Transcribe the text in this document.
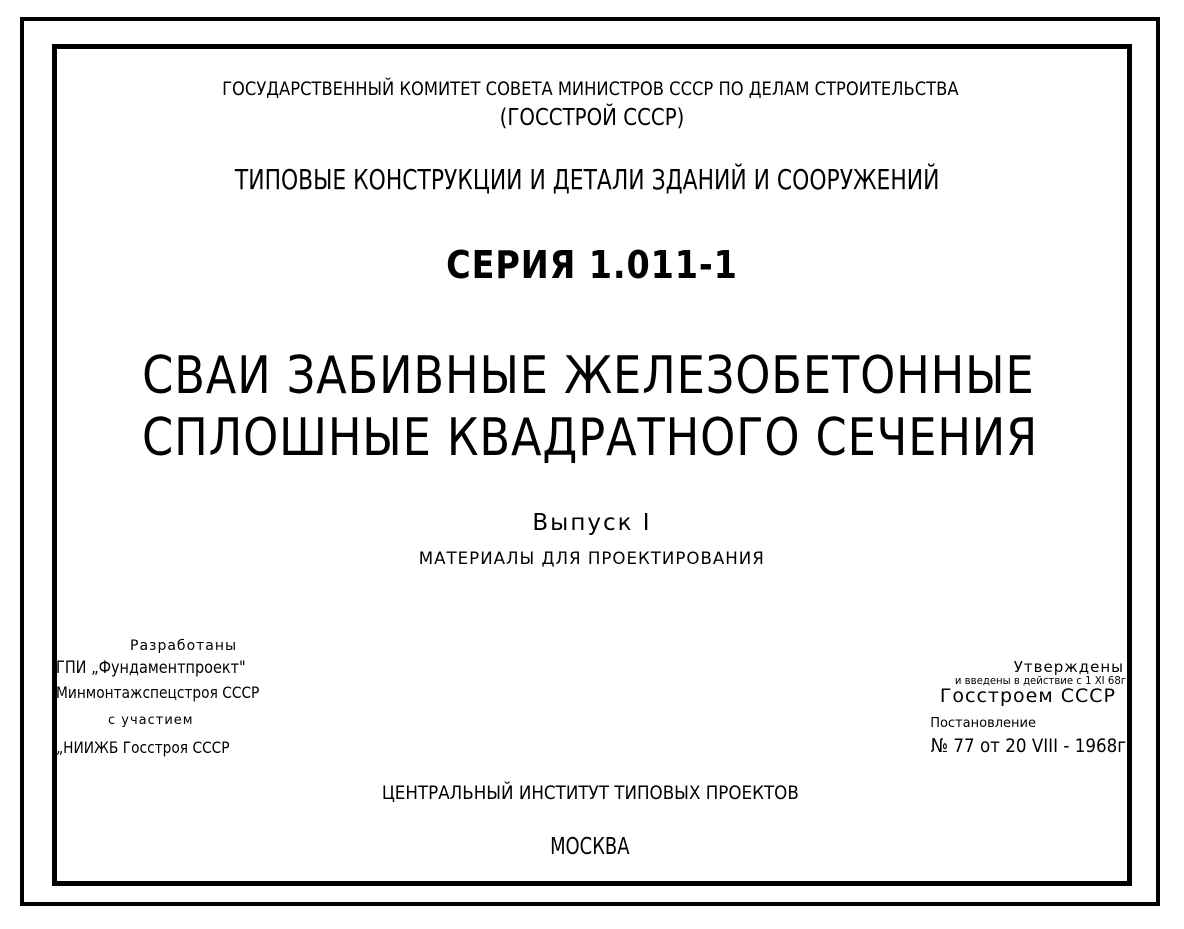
ГОСУДАРСТВЕННЫЙ КОМИТЕТ СОВЕТА МИНИСТРОВ СССР ПО ДЕЛАМ СТРОИТЕЛЬСТВА
(ГОССТРОЙ СССР)
ТИПОВЫЕ КОНСТРУКЦИИ И ДЕТАЛИ ЗДАНИЙ И СООРУЖЕНИЙ
СЕРИЯ 1.011-1
СВАИ ЗАБИВНЫЕ ЖЕЛЕЗОБЕТОННЫЕ
СПЛОШНЫЕ КВАДРАТНОГО СЕЧЕНИЯ
Выпуск I
МАТЕРИАЛЫ ДЛЯ ПРОЕКТИРОВАНИЯ
Разработаны
ГПИ „Фундаментпроект"
Минмонтажспецстроя СССР
с участием
„НИИЖБ Госстроя СССР
Утверждены
и введены в действие с 1 XI 68г
Госстроем СССР
Постановление
№ 77 от 20 VIII - 1968г
ЦЕНТРАЛЬНЫЙ ИНСТИТУТ ТИПОВЫХ ПРОЕКТОВ
МОСКВА
